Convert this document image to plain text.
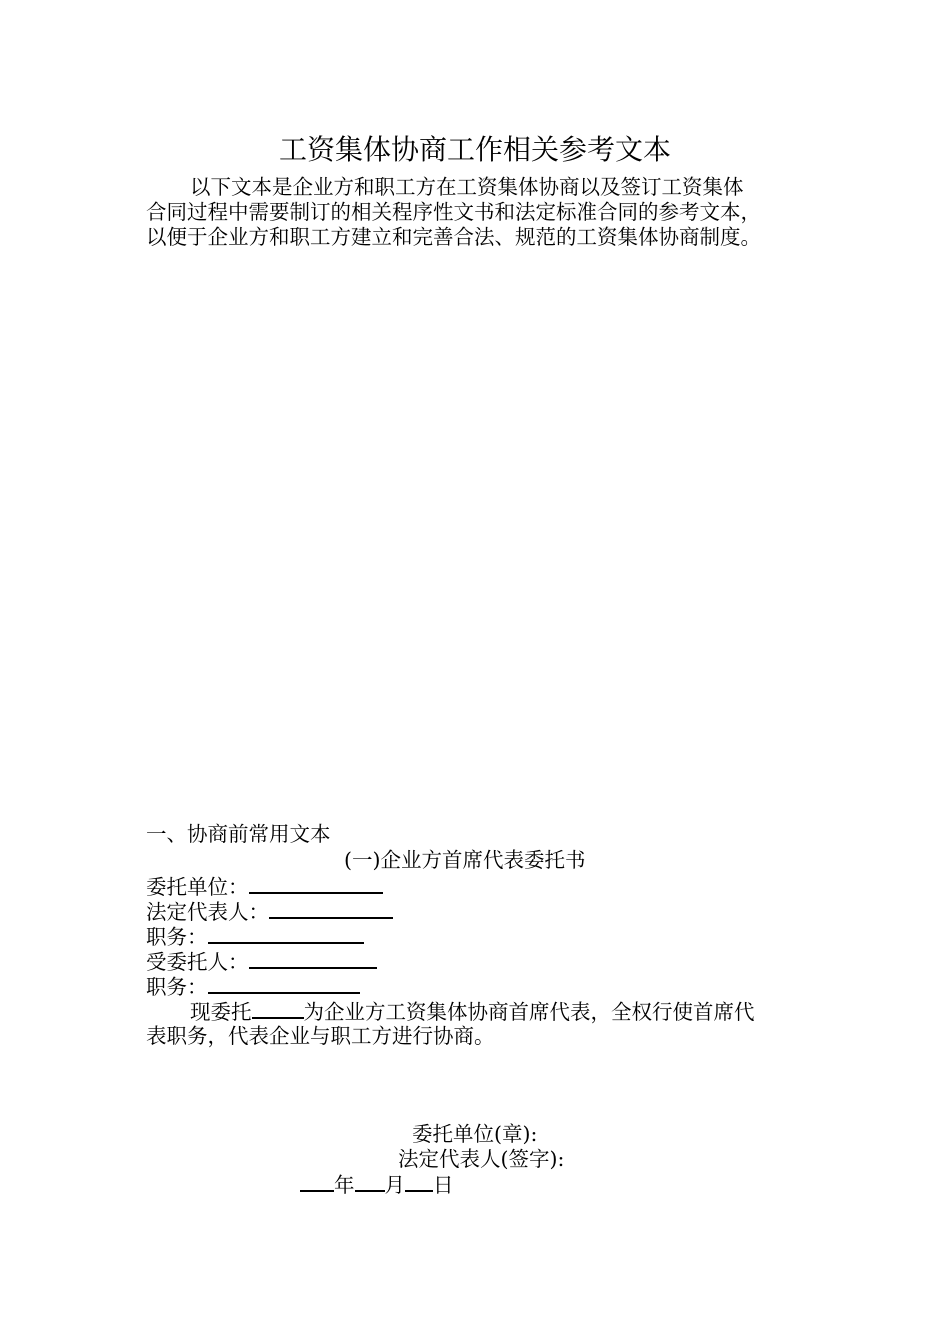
工资集体协商工作相关参考文本
以下文本是企业方和职工方在工资集体协商以及签订工资集体
合同过程中需要制订的相关程序性文书和法定标准合同的参考文本，
以便于企业方和职工方建立和完善合法、规范的工资集体协商制度。
一、协商前常用文本
(一)企业方首席代表委托书
委托单位：
法定代表人：
职务：
受委托人：
职务：
现委托	为企业方工资集体协商首席代表，全权行使首席代
表职务，代表企业与职工方进行协商。
委托单位(章):
法定代表人(签字):
年 月 日
